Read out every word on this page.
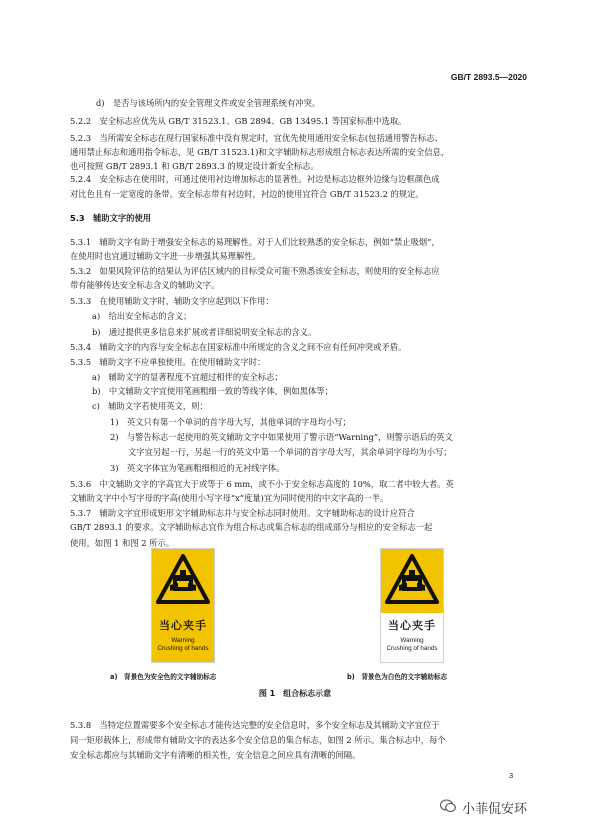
GB/T 2893.5—2020
d)　是否与该场所内的安全管理文件或安全管理系统有冲突。
5.2.2　安全标志应优先从 GB/T 31523.1、GB 2894、GB 13495.1 等国家标准中选取。
5.2.3　当所需安全标志在现行国家标准中没有规定时，宜优先使用通用安全标志(包括通用警告标志、
通用禁止标志和通用指令标志，见 GB/T 31523.1)和文字辅助标志形成组合标志表达所需的安全信息，
也可按照 GB/T 2893.1 和 GB/T 2893.3 的规定设计新安全标志。
5.2.4　安全标志在使用时，可通过使用衬边增加标志的显著性。衬边是标志边框外边缘与边框颜色成
对比色且有一定宽度的条带。安全标志带有衬边时，衬边的使用宜符合 GB/T 31523.2 的规定。
5.3　辅助文字的使用
5.3.1　辅助文字有助于增强安全标志的易理解性。对于人们比较熟悉的安全标志，例如“禁止吸烟”，
在使用时也宜通过辅助文字进一步增强其易理解性。
5.3.2　如果风险评估的结果认为评估区域内的目标受众可能不熟悉该安全标志，则使用的安全标志应
带有能够传达安全标志含义的辅助文字。
5.3.3　在使用辅助文字时，辅助文字应起到以下作用：
a)　给出安全标志的含义；
b)　通过提供更多信息来扩展或者详细说明安全标志的含义。
5.3.4　辅助文字的内容与安全标志在国家标准中所规定的含义之间不应有任何冲突或矛盾。
5.3.5　辅助文字不应单独使用。在使用辅助文字时：
a)　辅助文字的显著程度不宜超过相伴的安全标志；
b)　中文辅助文字宜使用笔画粗细一致的等线字体，例如黑体等；
c)　辅助文字若使用英文，则：
1)　英文只有第一个单词的首字母大写，其他单词的字母均小写；
2)　与警告标志一起使用的英文辅助文字中如果使用了警示语“Warning”，则警示语后的英文
文字宜另起一行，另起一行的英文中第一个单词的首字母大写，其余单词字母均为小写；
3)　英文字体宜为笔画粗细相近的无衬线字体。
5.3.6　中文辅助文字的字高宜大于或等于 6 mm，或不小于安全标志高度的 10%，取二者中较大者。英
文辅助文字中小写字母的字高(使用小写字母“x”度量)宜为同时使用的中文字高的一半。
5.3.7　辅助文字宜形成矩形文字辅助标志并与安全标志同时使用。文字辅助标志的设计应符合
GB/T 2893.1 的要求。文字辅助标志宜作为组合标志或集合标志的组成部分与相应的安全标志一起
使用，如图 1 和图 2 所示。
5.3.8　当特定位置需要多个安全标志才能传达完整的安全信息时，多个安全标志及其辅助文字宜位于
同一矩形载体上，形成带有辅助文字的表达多个安全信息的集合标志，如图 2 所示。集合标志中，每个
安全标志都应与其辅助文字有清晰的相关性，安全信息之间应具有清晰的间隔。
当心夹手
Warning
Crushing of hands
当心夹手
Warning
Crushing of hands
a)　背景色为安全色的文字辅助标志	b)　背景色为白色的文字辅助标志
图 1　组合标志示意
3
小菲侃安环
